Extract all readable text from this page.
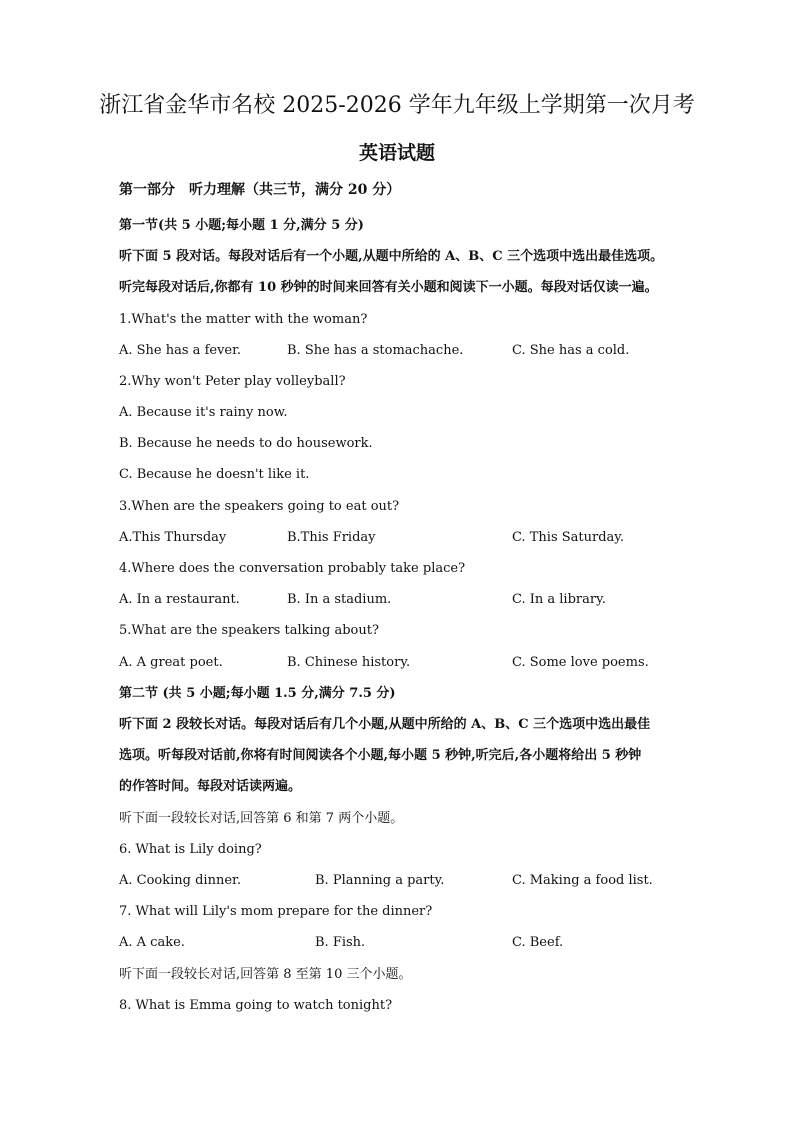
浙江省金华市名校 2025-2026 学年九年级上学期第一次月考
英语试题
第一部分　听力理解（共三节，满分 20 分）
第一节(共 5 小题;每小题 1 分,满分 5 分)
听下面 5 段对话。每段对话后有一个小题,从题中所给的 A、B、C 三个选项中选出最佳选项。
听完每段对话后,你都有 10 秒钟的时间来回答有关小题和阅读下一小题。每段对话仅读一遍。
1.What's the matter with the woman?
A. She has a fever.	B. She has a stomachache.	C. She has a cold.
2.Why won't Peter play volleyball?
A. Because it's rainy now.
B. Because he needs to do housework.
C. Because he doesn't like it.
3.When are the speakers going to eat out?
A.This Thursday	B.This Friday	C. This Saturday.
4.Where does the conversation probably take place?
A. In a restaurant.	B. In a stadium.	C. In a library.
5.What are the speakers talking about?
A. A great poet.	B. Chinese history.	C. Some love poems.
第二节 (共 5 小题;每小题 1.5 分,满分 7.5 分)
听下面 2 段较长对话。每段对话后有几个小题,从题中所给的 A、B、C 三个选项中选出最佳
选项。听每段对话前,你将有时间阅读各个小题,每小题 5 秒钟,听完后,各小题将给出 5 秒钟
的作答时间。每段对话读两遍。
听下面一段较长对话,回答第 6 和第 7 两个小题。
6. What is Lily doing?
A. Cooking dinner.	B. Planning a party.	C. Making a food list.
7. What will Lily's mom prepare for the dinner?
A. A cake.	B. Fish.	C. Beef.
听下面一段较长对话,回答第 8 至第 10 三个小题。
8. What is Emma going to watch tonight?
